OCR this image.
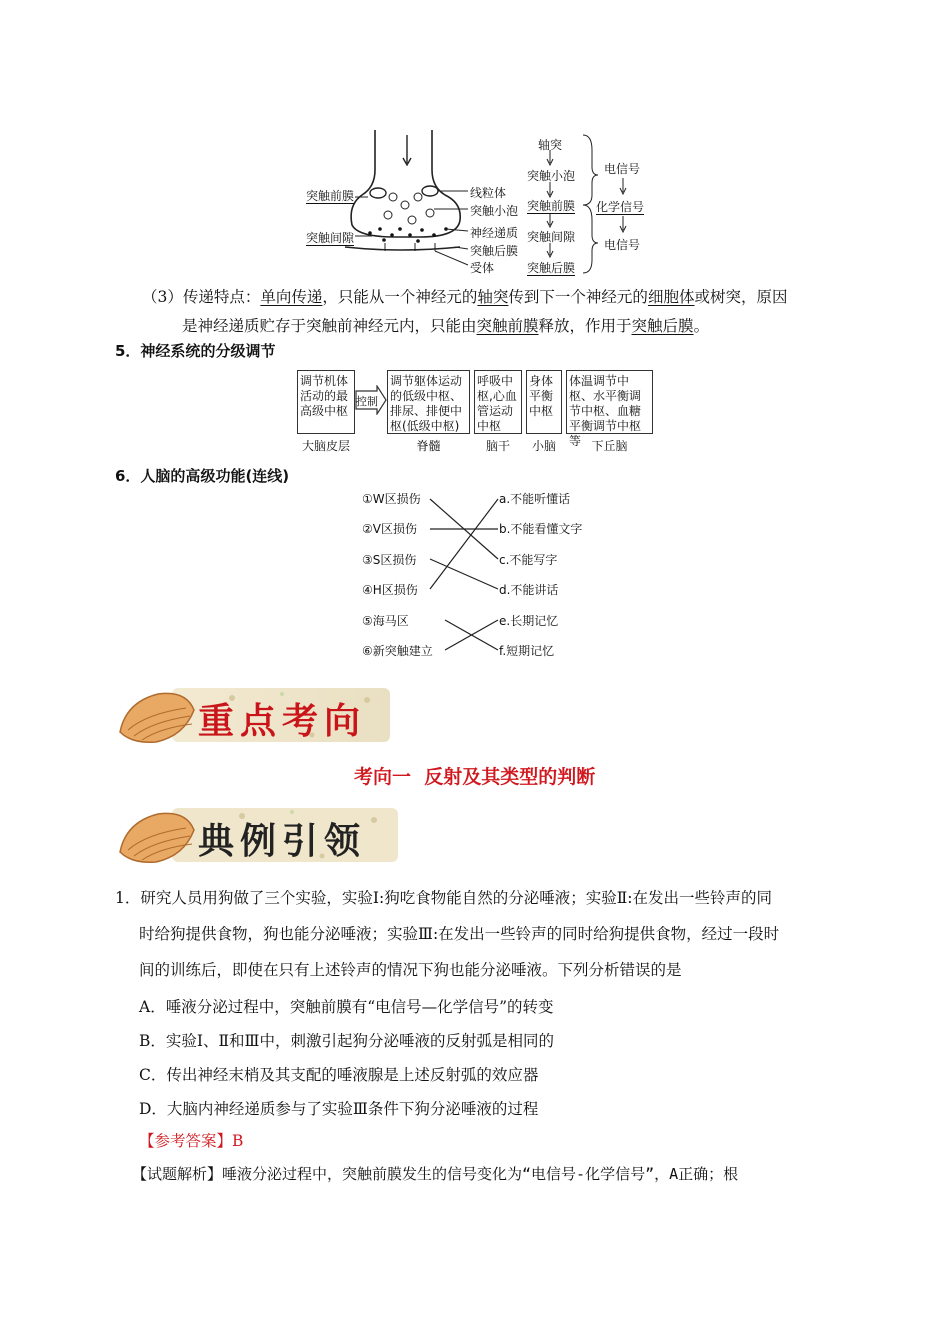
突触前膜
突触间隙
线粒体
突触小泡
神经递质
突触后膜
受体
轴突
突触小泡
突触前膜
突触间隙
突触后膜
电信号
化学信号
电信号
（3）传递特点：单向传递，只能从一个神经元的轴突传到下一个神经元的细胞体或树突，原因
是神经递质贮存于突触前神经元内，只能由突触前膜释放，作用于突触后膜。
5．神经系统的分级调节
调节机体活动的最高级中枢
控制
调节躯体运动的低级中枢、排尿、排便中枢(低级中枢)
呼吸中枢,心血管运动中枢
身体平衡中枢
体温调节中枢、水平衡调节中枢、血糖平衡调节中枢等
大脑皮层	脊髓	脑干	小脑	下丘脑
6．人脑的高级功能(连线)
①W区损伤
②V区损伤
③S区损伤
④H区损伤
⑤海马区
⑥新突触建立
a.不能听懂话
b.不能看懂文字
c.不能写字
d.不能讲话
e.长期记忆
f.短期记忆
重点考向
考向一  反射及其类型的判断
典例引领
1．研究人员用狗做了三个实验，实验Ⅰ:狗吃食物能自然的分泌唾液；实验Ⅱ:在发出一些铃声的同
时给狗提供食物，狗也能分泌唾液；实验Ⅲ:在发出一些铃声的同时给狗提供食物，经过一段时
间的训练后，即使在只有上述铃声的情况下狗也能分泌唾液。下列分析错误的是
A．唾液分泌过程中，突触前膜有“电信号—化学信号”的转变
B．实验Ⅰ、Ⅱ和Ⅲ中，刺激引起狗分泌唾液的反射弧是相同的
C．传出神经末梢及其支配的唾液腺是上述反射弧的效应器
D．大脑内神经递质参与了实验Ⅲ条件下狗分泌唾液的过程
【参考答案】B
【试题解析】唾液分泌过程中，突触前膜发生的信号变化为“电信号-化学信号”，A正确；根
